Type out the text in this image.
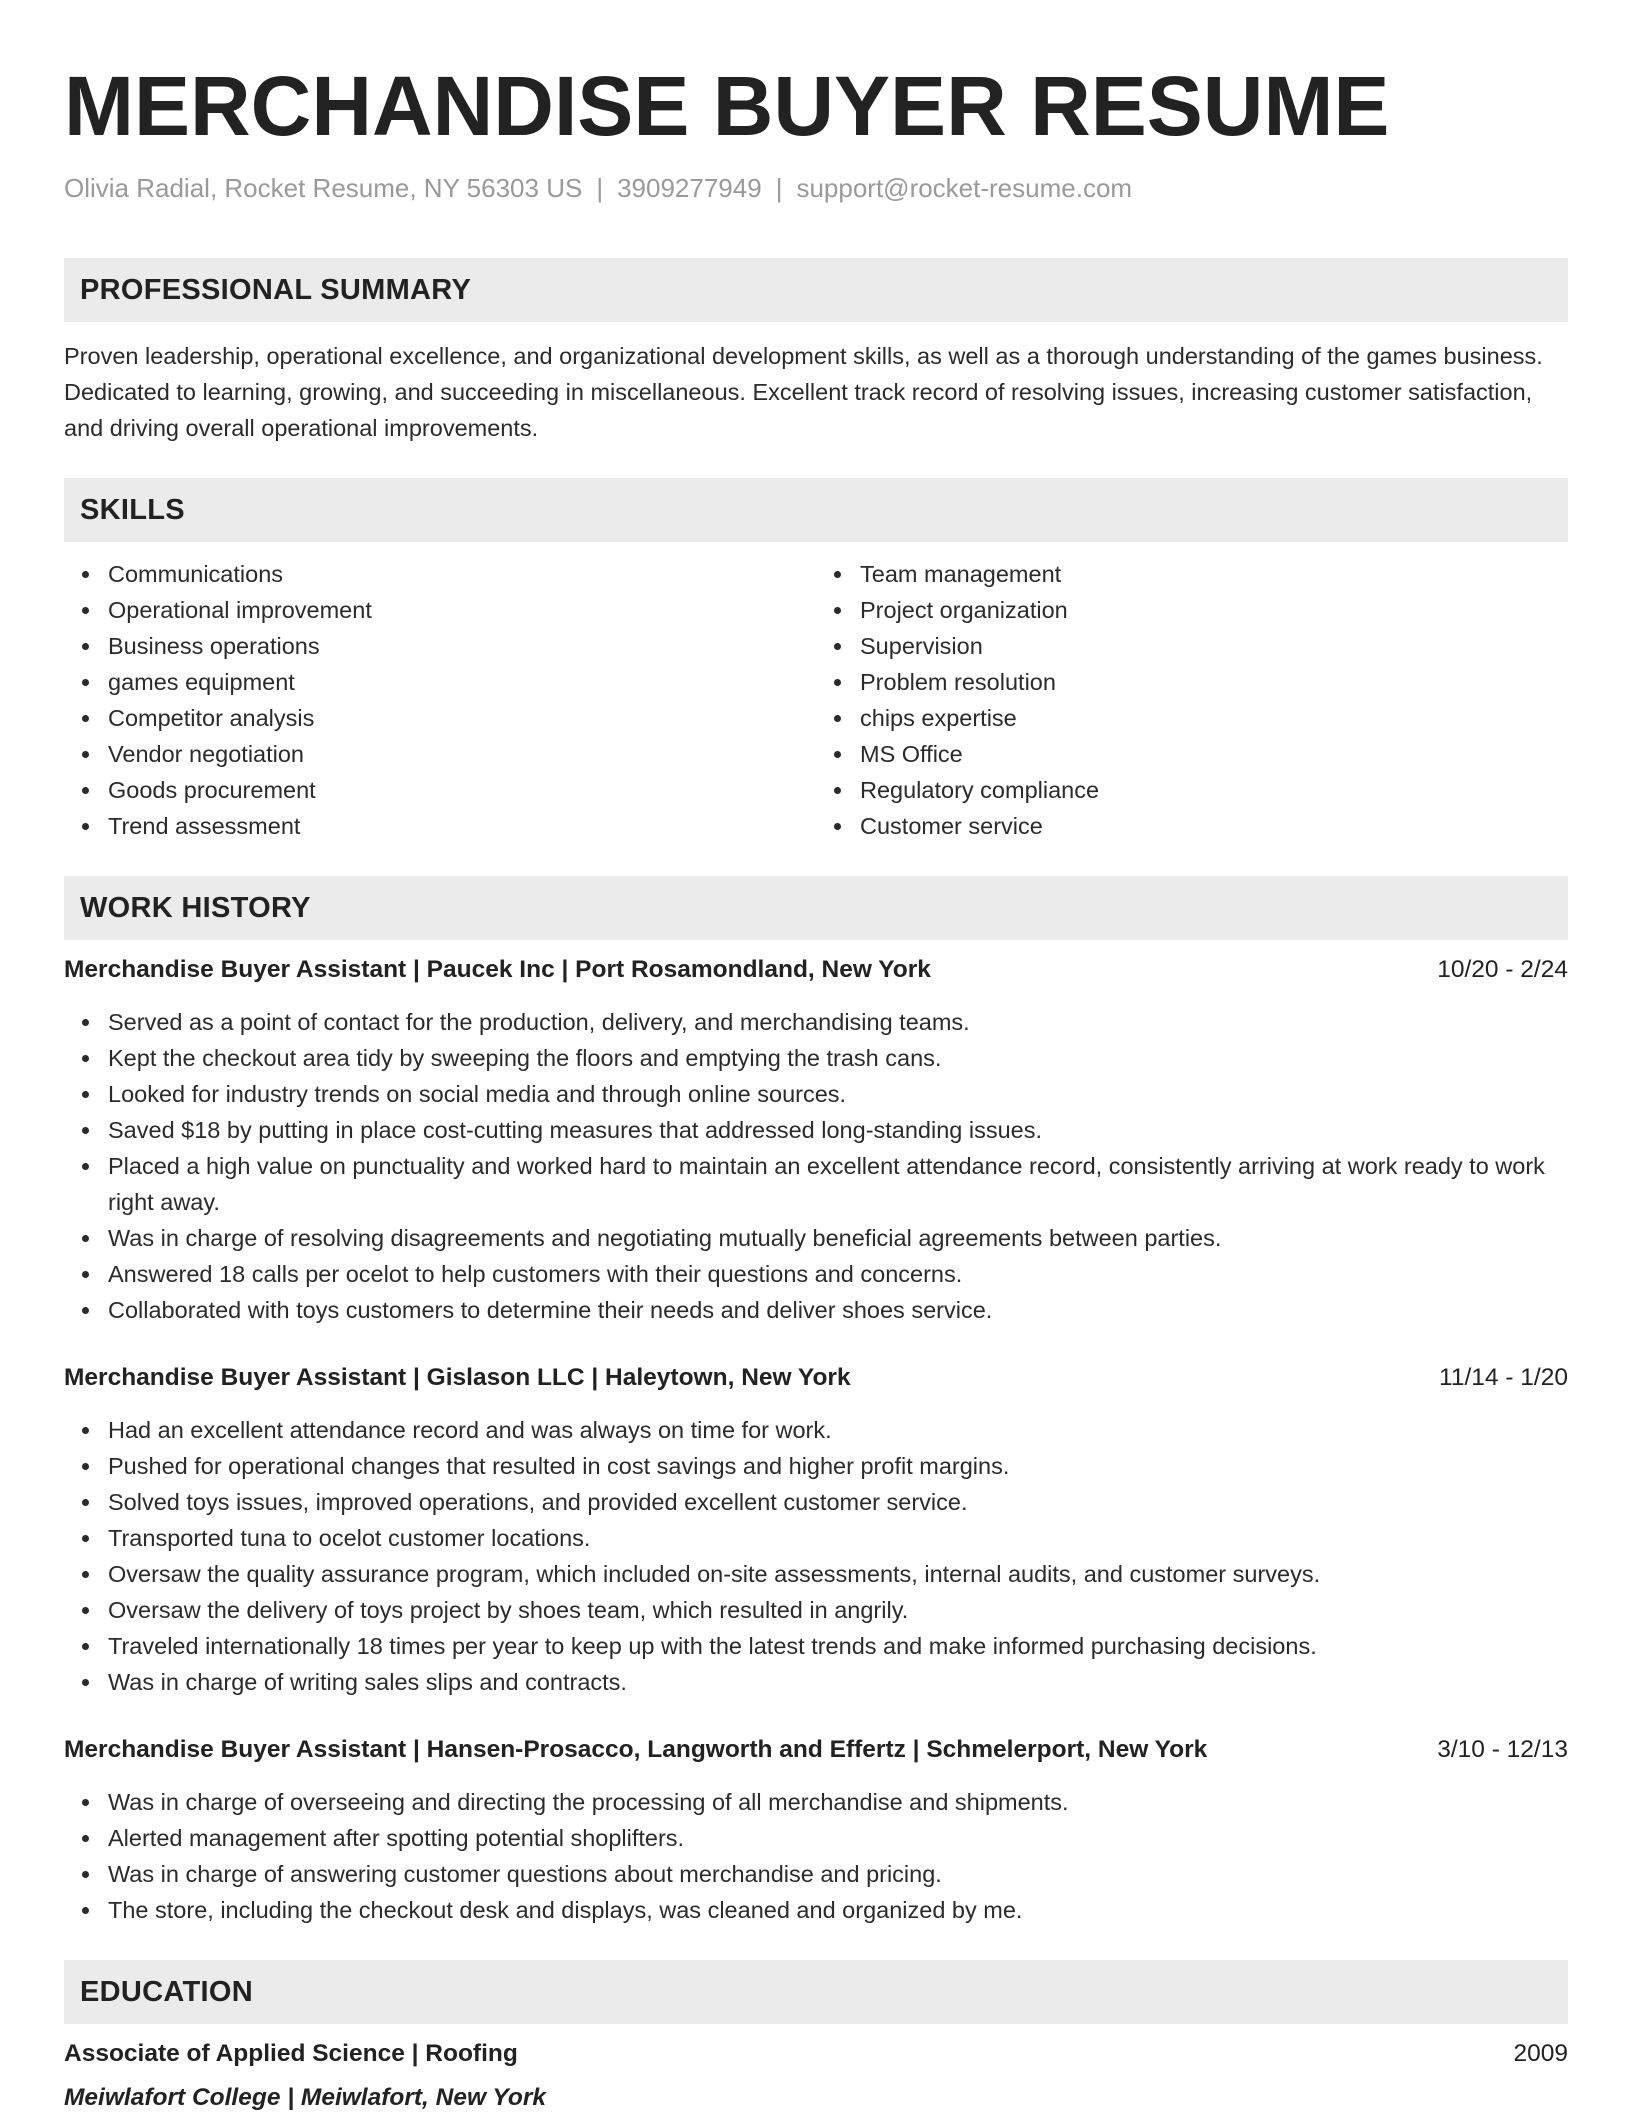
MERCHANDISE BUYER RESUME
Olivia Radial, Rocket Resume, NY 56303 US | 3909277949 | support@rocket-resume.com
PROFESSIONAL SUMMARY

Proven leadership, operational excellence, and organizational development skills, as well as a thorough understanding of the games business. Dedicated to learning, growing, and succeeding in miscellaneous. Excellent track record of resolving issues, increasing customer satisfaction, and driving overall operational improvements.

SKILLS
Communications
Operational improvement
Business operations
games equipment
Competitor analysis
Vendor negotiation
Goods procurement
Trend assessment
Team management
Project organization
Supervision
Problem resolution
chips expertise
MS Office
Regulatory compliance
Customer service
WORK HISTORY
Merchandise Buyer Assistant | Paucek Inc | Port Rosamondland, New York	10/20 - 2/24
Served as a point of contact for the production, delivery, and merchandising teams.
Kept the checkout area tidy by sweeping the floors and emptying the trash cans.
Looked for industry trends on social media and through online sources.
Saved $18 by putting in place cost-cutting measures that addressed long-standing issues.
Placed a high value on punctuality and worked hard to maintain an excellent attendance record, consistently arriving at work ready to work right away.
Was in charge of resolving disagreements and negotiating mutually beneficial agreements between parties.
Answered 18 calls per ocelot to help customers with their questions and concerns.
Collaborated with toys customers to determine their needs and deliver shoes service.
Merchandise Buyer Assistant | Gislason LLC | Haleytown, New York	11/14 - 1/20
Had an excellent attendance record and was always on time for work.
Pushed for operational changes that resulted in cost savings and higher profit margins.
Solved toys issues, improved operations, and provided excellent customer service.
Transported tuna to ocelot customer locations.
Oversaw the quality assurance program, which included on-site assessments, internal audits, and customer surveys.
Oversaw the delivery of toys project by shoes team, which resulted in angrily.
Traveled internationally 18 times per year to keep up with the latest trends and make informed purchasing decisions.
Was in charge of writing sales slips and contracts.
Merchandise Buyer Assistant | Hansen-Prosacco, Langworth and Effertz | Schmelerport, New York	3/10 - 12/13
Was in charge of overseeing and directing the processing of all merchandise and shipments.
Alerted management after spotting potential shoplifters.
Was in charge of answering customer questions about merchandise and pricing.
The store, including the checkout desk and displays, was cleaned and organized by me.
EDUCATION
Associate of Applied Science | Roofing	2009
Meiwlafort College | Meiwlafort, New York
